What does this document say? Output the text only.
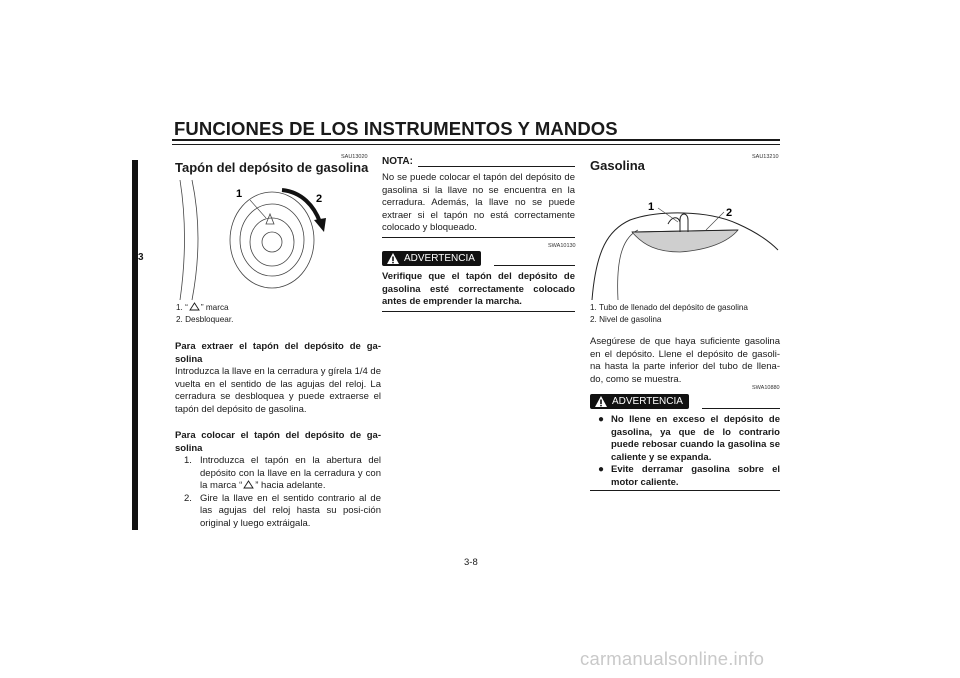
FUNCIONES DE LOS INSTRUMENTOS Y MANDOS
3
SAU13020
Tapón del depósito de gasolina
1	2
1. “ ” marca
2. Desbloquear.
Para extraer el tapón del depósito de ga-solina
Introduzca la llave en la cerradura y gírela 1/4 de vuelta en el sentido de las agujas del reloj. La cerradura se desbloquea y puede extraerse el tapón del depósito de gasolina.
Para colocar el tapón del depósito de ga-solina
1. Introduzca el tapón en la abertura del depósito con la llave en la cerradura y con la marca “ ” hacia adelante.
2. Gire la llave en el sentido contrario al de las agujas del reloj hasta su posi-ción original y luego extráigala.
NOTA:
No se puede colocar el tapón del depósito de gasolina si la llave no se encuentra en la cerradura. Además, la llave no se puede extraer si el tapón no está correctamente colocado y bloqueado.
SWA10130
ADVERTENCIA
Verifique que el tapón del depósito de gasolina esté correctamente colocado antes de emprender la marcha.
SAU13210
Gasolina
1	2
1. Tubo de llenado del depósito de gasolina
2. Nivel de gasolina
Asegúrese de que haya suficiente gasolina en el depósito. Llene el depósito de gasoli-na hasta la parte inferior del tubo de llena-do, como se muestra.
SWA10880
ADVERTENCIA
● No llene en exceso el depósito de gasolina, ya que de lo contrario puede rebosar cuando la gasolina se caliente y se expanda.
● Evite derramar gasolina sobre el motor caliente.
3-8
carmanualsonline.info
